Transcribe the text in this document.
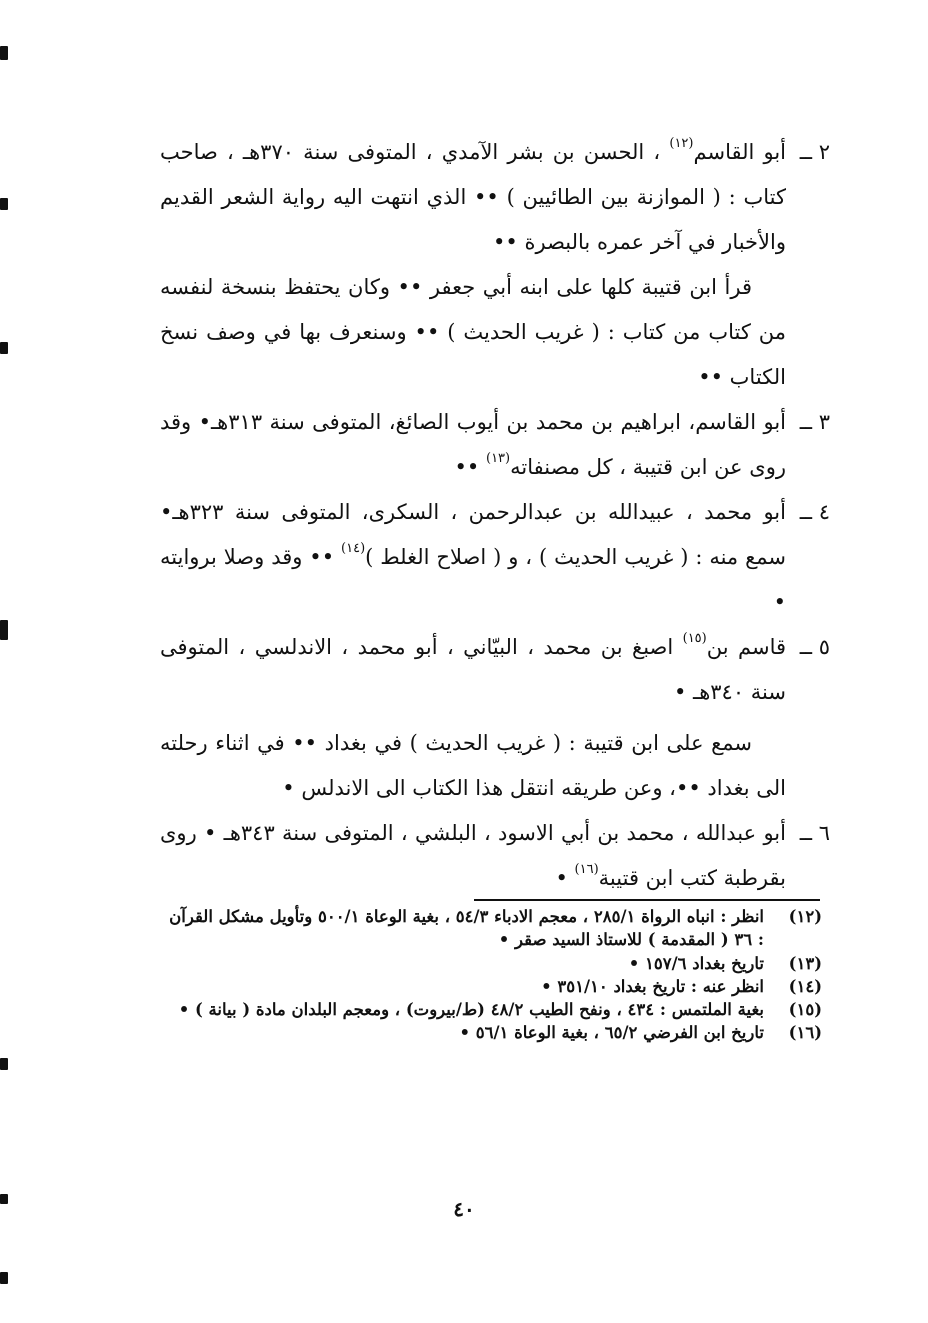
٢ ــ
أبو القاسم$^{(١٢)}$ ، الحسن بن بشر الآمدي ، المتوفى سنة ٣٧٠هـ ، صاحب كتاب : ( الموازنة بين الطائيين ) •• الذي انتهت اليه رواية الشعر القديم والأخبار في آخر عمره بالبصرة ••
قرأ ابن قتيبة كلها على ابنه أبي جعفر •• وكان يحتفظ بنسخة لنفسه من كتاب من كتاب : ( غريب الحديث ) •• وسنعرف بها في وصف نسخ الكتاب ••
٣ ــ
أبو القاسم، ابراهيم بن محمد بن أيوب الصائغ، المتوفى سنة ٣١٣هـ• وقد روى عن ابن قتيبة ، كل مصنفاته$^{(١٣)}$ ••
٤ ــ
أبو محمد ، عبيدالله بن عبدالرحمن ، السكرى، المتوفى سنة ٣٢٣هـ• سمع منه : ( غريب الحديث ) ، و ( اصلاح الغلط )$^{(١٤)}$ •• وقد وصلا بروايته •
٥ ــ
قاسم بن$^{(١٥)}$ اصبغ بن محمد ، البيّاني ، أبو محمد ، الاندلسي ، المتوفى سنة ٣٤٠هـ •
سمع على ابن قتيبة : ( غريب الحديث ) في بغداد •• في اثناء رحلته الى بغداد ••، وعن طريقه انتقل هذا الكتاب الى الاندلس •
٦ ــ
أبو عبدالله ، محمد بن أبي الاسود ، البلشي ، المتوفى سنة ٣٤٣هـ • روى بقرطبة كتب ابن قتيبة$^{(١٦)}$ •
(١٢)
انظر : انباه الرواة ٢٨٥/١ ، معجم الادباء ٥٤/٣ ، بغية الوعاة ٥٠٠/١ وتأويل مشكل القرآن : ٣٦ ( المقدمة ) للاستاذ السيد صقر •
(١٣)
تاريخ بغداد ١٥٧/٦ •
(١٤)
انظر عنه : تاريخ بغداد ٣٥١/١٠ •
(١٥)
بغية الملتمس : ٤٣٤ ، ونفح الطيب ٤٨/٢ (ط/بيروت) ، ومعجم البلدان مادة ( بيانة ) •
(١٦)
تاريخ ابن الفرضي ٦٥/٢ ، بغية الوعاة ٥٦/١ •
٤٠
